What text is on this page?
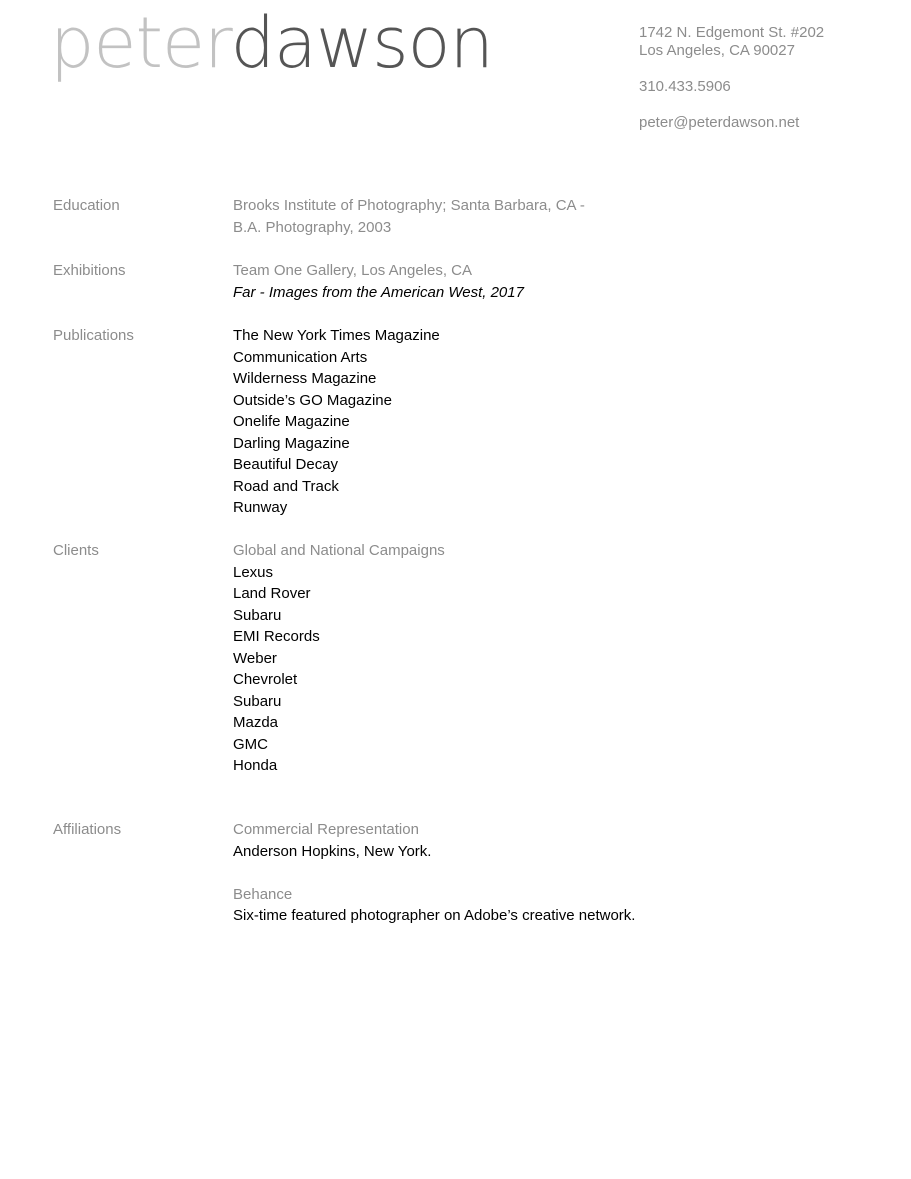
peterdawson	1742 N. Edgemont St. #202
Los Angeles, CA 90027
310.433.5906
peter@peterdawson.net
Education	Brooks Institute of Photography; Santa Barbara, CA -
B.A. Photography, 2003
Exhibitions	Team One Gallery, Los Angeles, CA
Far - Images from the American West, 2017
Publications	The New York Times Magazine
Communication Arts
Wilderness Magazine
Outside’s GO Magazine
Onelife Magazine
Darling Magazine
Beautiful Decay
Road and Track
Runway
Clients	Global and National Campaigns
Lexus
Land Rover
Subaru
EMI Records
Weber
Chevrolet
Subaru
Mazda
GMC
Honda
Affiliations	Commercial Representation
Anderson Hopkins, New York.
Behance
Six-time featured photographer on Adobe’s creative network.
